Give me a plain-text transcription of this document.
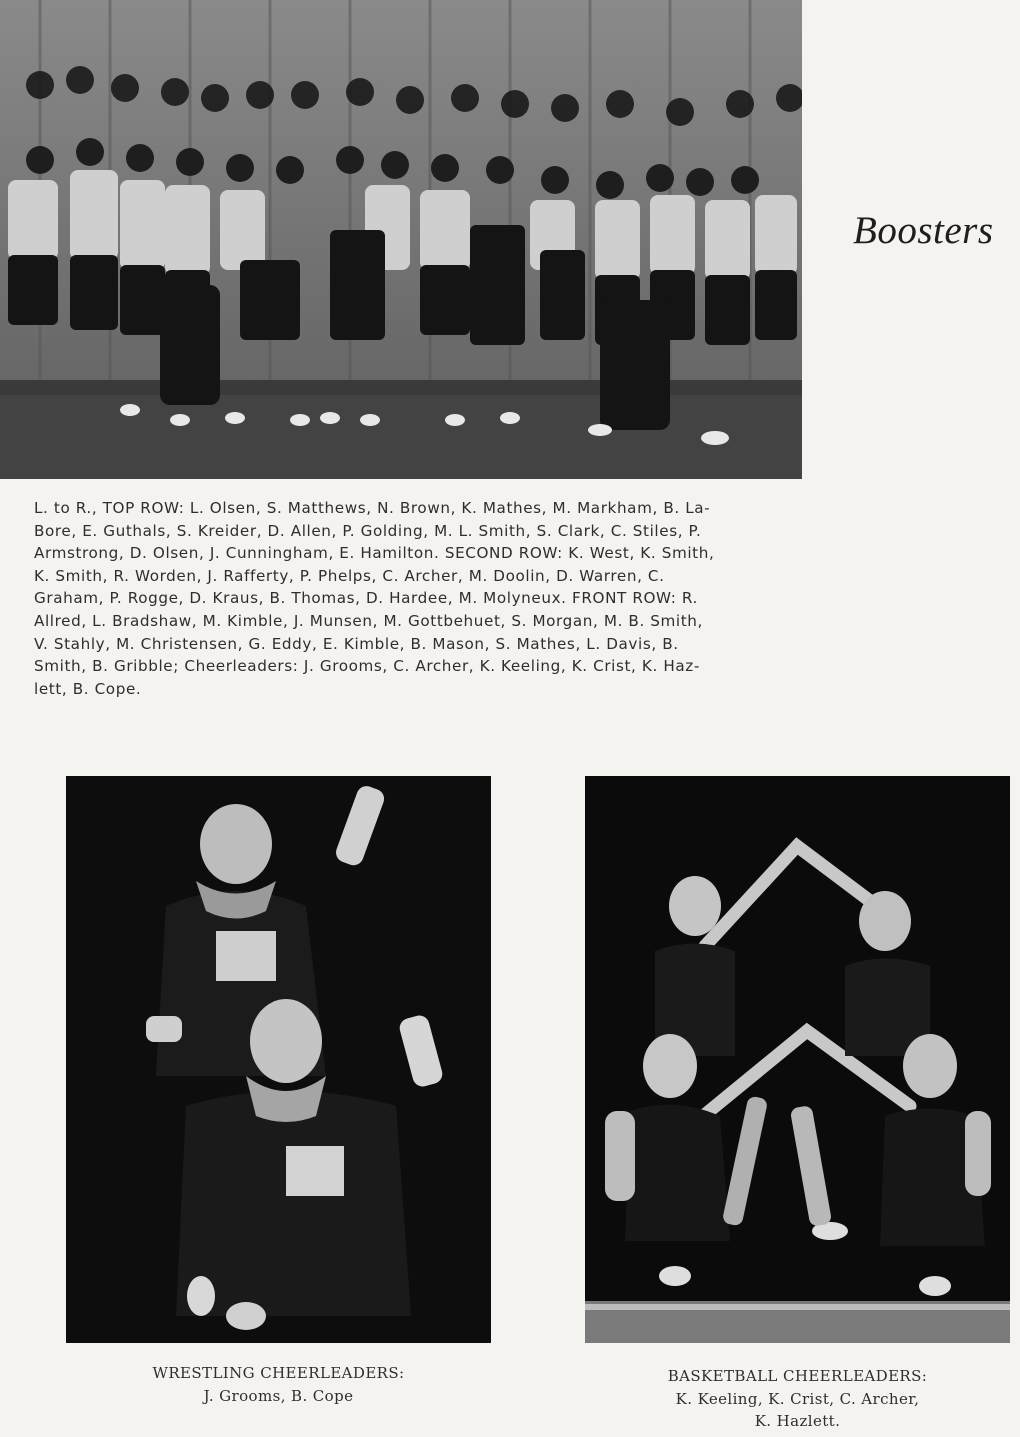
Boosters
L. to R., TOP ROW: L. Olsen, S. Matthews, N. Brown, K. Mathes, M. Markham, B. La-
Bore, E. Guthals, S. Kreider, D. Allen, P. Golding, M. L. Smith, S. Clark, C. Stiles, P.
Armstrong, D. Olsen, J. Cunningham, E. Hamilton. SECOND ROW: K. West, K. Smith,
K. Smith, R. Worden, J. Rafferty, P. Phelps, C. Archer, M. Doolin, D. Warren, C.
Graham, P. Rogge, D. Kraus, B. Thomas, D. Hardee, M. Molyneux. FRONT ROW: R.
Allred, L. Bradshaw, M. Kimble, J. Munsen, M. Gottbehuet, S. Morgan, M. B. Smith,
V. Stahly, M. Christensen, G. Eddy, E. Kimble, B. Mason, S. Mathes, L. Davis, B.
Smith, B. Gribble; Cheerleaders: J. Grooms, C. Archer, K. Keeling, K. Crist, K. Haz-
lett, B. Cope.
WRESTLING CHEERLEADERS:
J. Grooms, B. Cope
BASKETBALL CHEERLEADERS:
K. Keeling, K. Crist, C. Archer,
K. Hazlett.
